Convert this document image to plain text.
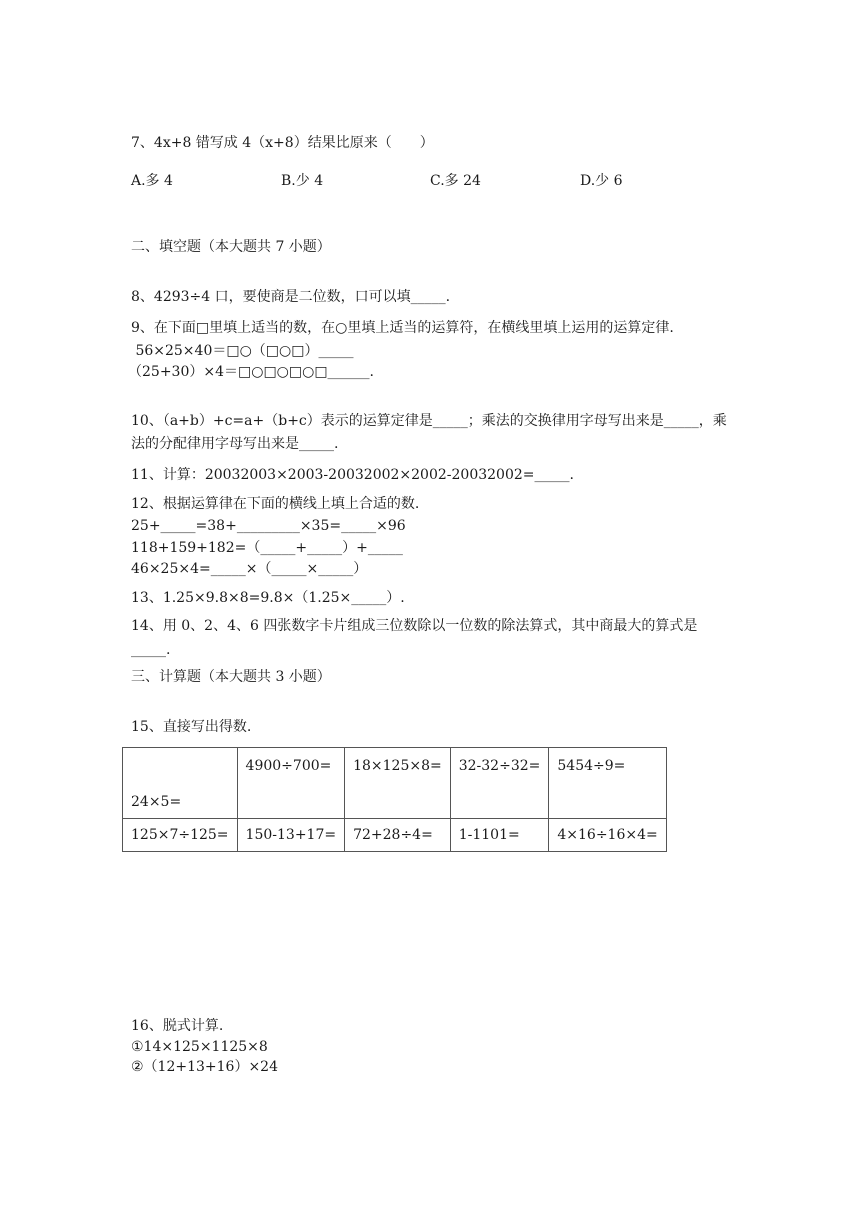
7、4x+8 错写成 4（x+8）结果比原来（　　）
A.多 4	B.少 4	C.多 24	D.少 6
二、填空题（本大题共 7 小题）
8、4293÷4 口，要使商是二位数，口可以填_____.
9、在下面□里填上适当的数，在○里填上适当的运算符，在横线里填上运用的运算定律.
56×25×40＝□○（□○□）_____
（25+30）×4＝□○□○□○□______.
10、（a+b）+c=a+（b+c）表示的运算定律是_____；乘法的交换律用字母写出来是_____，乘
法的分配律用字母写出来是_____.
11、计算：20032003×2003-20032002×2002-20032002=_____.
12、根据运算律在下面的横线上填上合适的数.
25+_____=38+_________×35=_____×96
118+159+182=（_____+_____）+_____
46×25×4=_____×（_____×_____）
13、1.25×9.8×8=9.8×（1.25×_____）.
14、用 0、2、4、6 四张数字卡片组成三位数除以一位数的除法算式，其中商最大的算式是
_____.
三、计算题（本大题共 3 小题）
15、直接写出得数.
24×5=	4900÷700=	18×125×8=	32-32÷32=	5454÷9=
125×7÷125=	150-13+17=	72+28÷4=	1-1101=	4×16÷16×4=
16、脱式计算.
①14×125×1125×8
②（12+13+16）×24
